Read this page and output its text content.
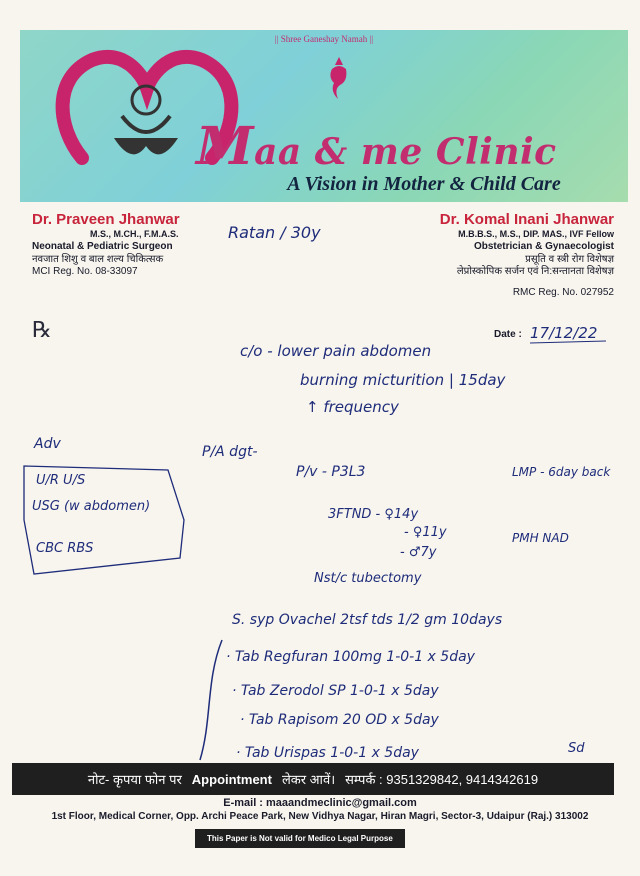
|| Shree Ganeshay Namah ||
Maa & me Clinic
A Vision in Mother & Child Care
Dr. Praveen Jhanwar
M.S., M.CH., F.M.A.S.
Neonatal & Pediatric Surgeon
नवजात शिशु व बाल शल्य चिकित्सक
MCI Reg. No. 08-33097
Dr. Komal Inani Jhanwar
M.B.B.S., M.S., DIP. MAS., IVF Fellow
Obstetrician & Gynaecologist
प्रसूति व स्त्री रोग विशेषज्ञ
लेप्रोस्कोपिक सर्जन एवं नि:सन्तानता विशेषज्ञ
RMC Reg. No. 027952
℞	Date :
Ratan / 30y
17/12/22
c/o - lower pain abdomen
burning micturition | 15day
↑ frequency
Adv
U/R U/S
USG (w abdomen)
CBC RBS
P/A dgt-
P/v - P3L3
3FTND - ♀14y
- ♀11y
- ♂7y
LMP - 6day back
PMH NAD
Nst/c tubectomy
S. syp Ovachel 2tsf tds 1/2 gm 10days
· Tab Regfuran 100mg 1-0-1 x 5day
· Tab Zerodol SP 1-0-1 x 5day
· Tab Rapisom 20 OD x 5day
· Tab Urispas 1-0-1 x 5day	Sd
नोट- कृपया फोन पर Appointment लेकर आवें। सम्पर्क : 9351329842, 9414342619
E-mail : maaandmeclinic@gmail.com
1st Floor, Medical Corner, Opp. Archi Peace Park, New Vidhya Nagar, Hiran Magri, Sector-3, Udaipur (Raj.) 313002
This Paper is Not valid for Medico Legal Purpose
